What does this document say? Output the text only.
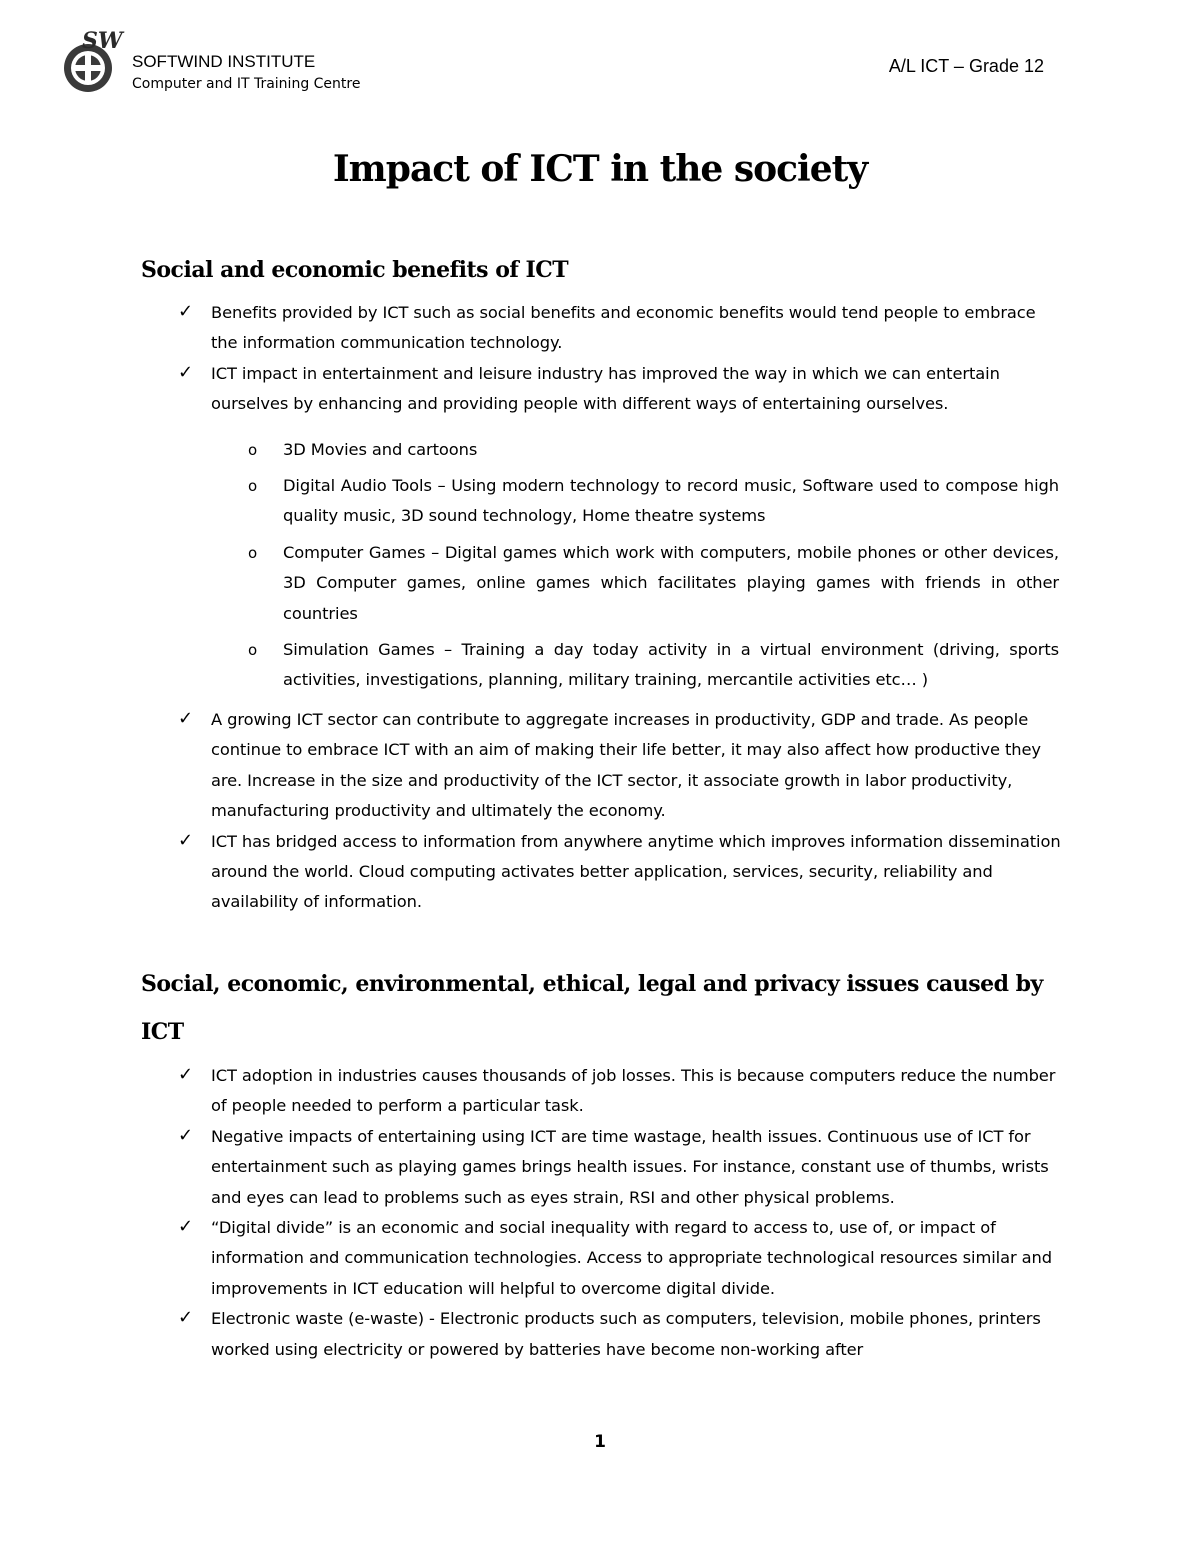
SW
SOFTWIND INSTITUTE
Computer and IT Training Centre
A/L ICT – Grade 12
Impact of ICT in the society
Social and economic benefits of ICT
✓ Benefits provided by ICT such as social benefits and economic benefits would tend people to embrace the information communication technology.
✓ ICT impact in entertainment and leisure industry has improved the way in which we can entertain ourselves by enhancing and providing people with different ways of entertaining ourselves.
o 3D Movies and cartoons
o Digital Audio Tools – Using modern technology to record music, Software used to compose high quality music, 3D sound technology, Home theatre systems
o Computer Games – Digital games which work with computers, mobile phones or other devices, 3D Computer games, online games which facilitates playing games with friends in other countries
o Simulation Games – Training a day today activity in a virtual environment (driving, sports activities, investigations, planning, military training, mercantile activities etc… )
✓ A growing ICT sector can contribute to aggregate increases in productivity, GDP and trade. As people continue to embrace ICT with an aim of making their life better, it may also affect how productive they are. Increase in the size and productivity of the ICT sector, it associate growth in labor productivity, manufacturing productivity and ultimately the economy.
✓ ICT has bridged access to information from anywhere anytime which improves information dissemination around the world. Cloud computing activates better application, services, security, reliability and availability of information.
Social, economic, environmental, ethical, legal and privacy issues caused by ICT
✓ ICT adoption in industries causes thousands of job losses. This is because computers reduce the number of people needed to perform a particular task.
✓ Negative impacts of entertaining using ICT are time wastage, health issues. Continuous use of ICT for entertainment such as playing games brings health issues. For instance, constant use of thumbs, wrists and eyes can lead to problems such as eyes strain, RSI and other physical problems.
✓ “Digital divide” is an economic and social inequality with regard to access to, use of, or impact of information and communication technologies. Access to appropriate technological resources similar and improvements in ICT education will helpful to overcome digital divide.
✓ Electronic waste (e-waste) - Electronic products such as computers, television, mobile phones, printers worked using electricity or powered by batteries have become non-working after
1
